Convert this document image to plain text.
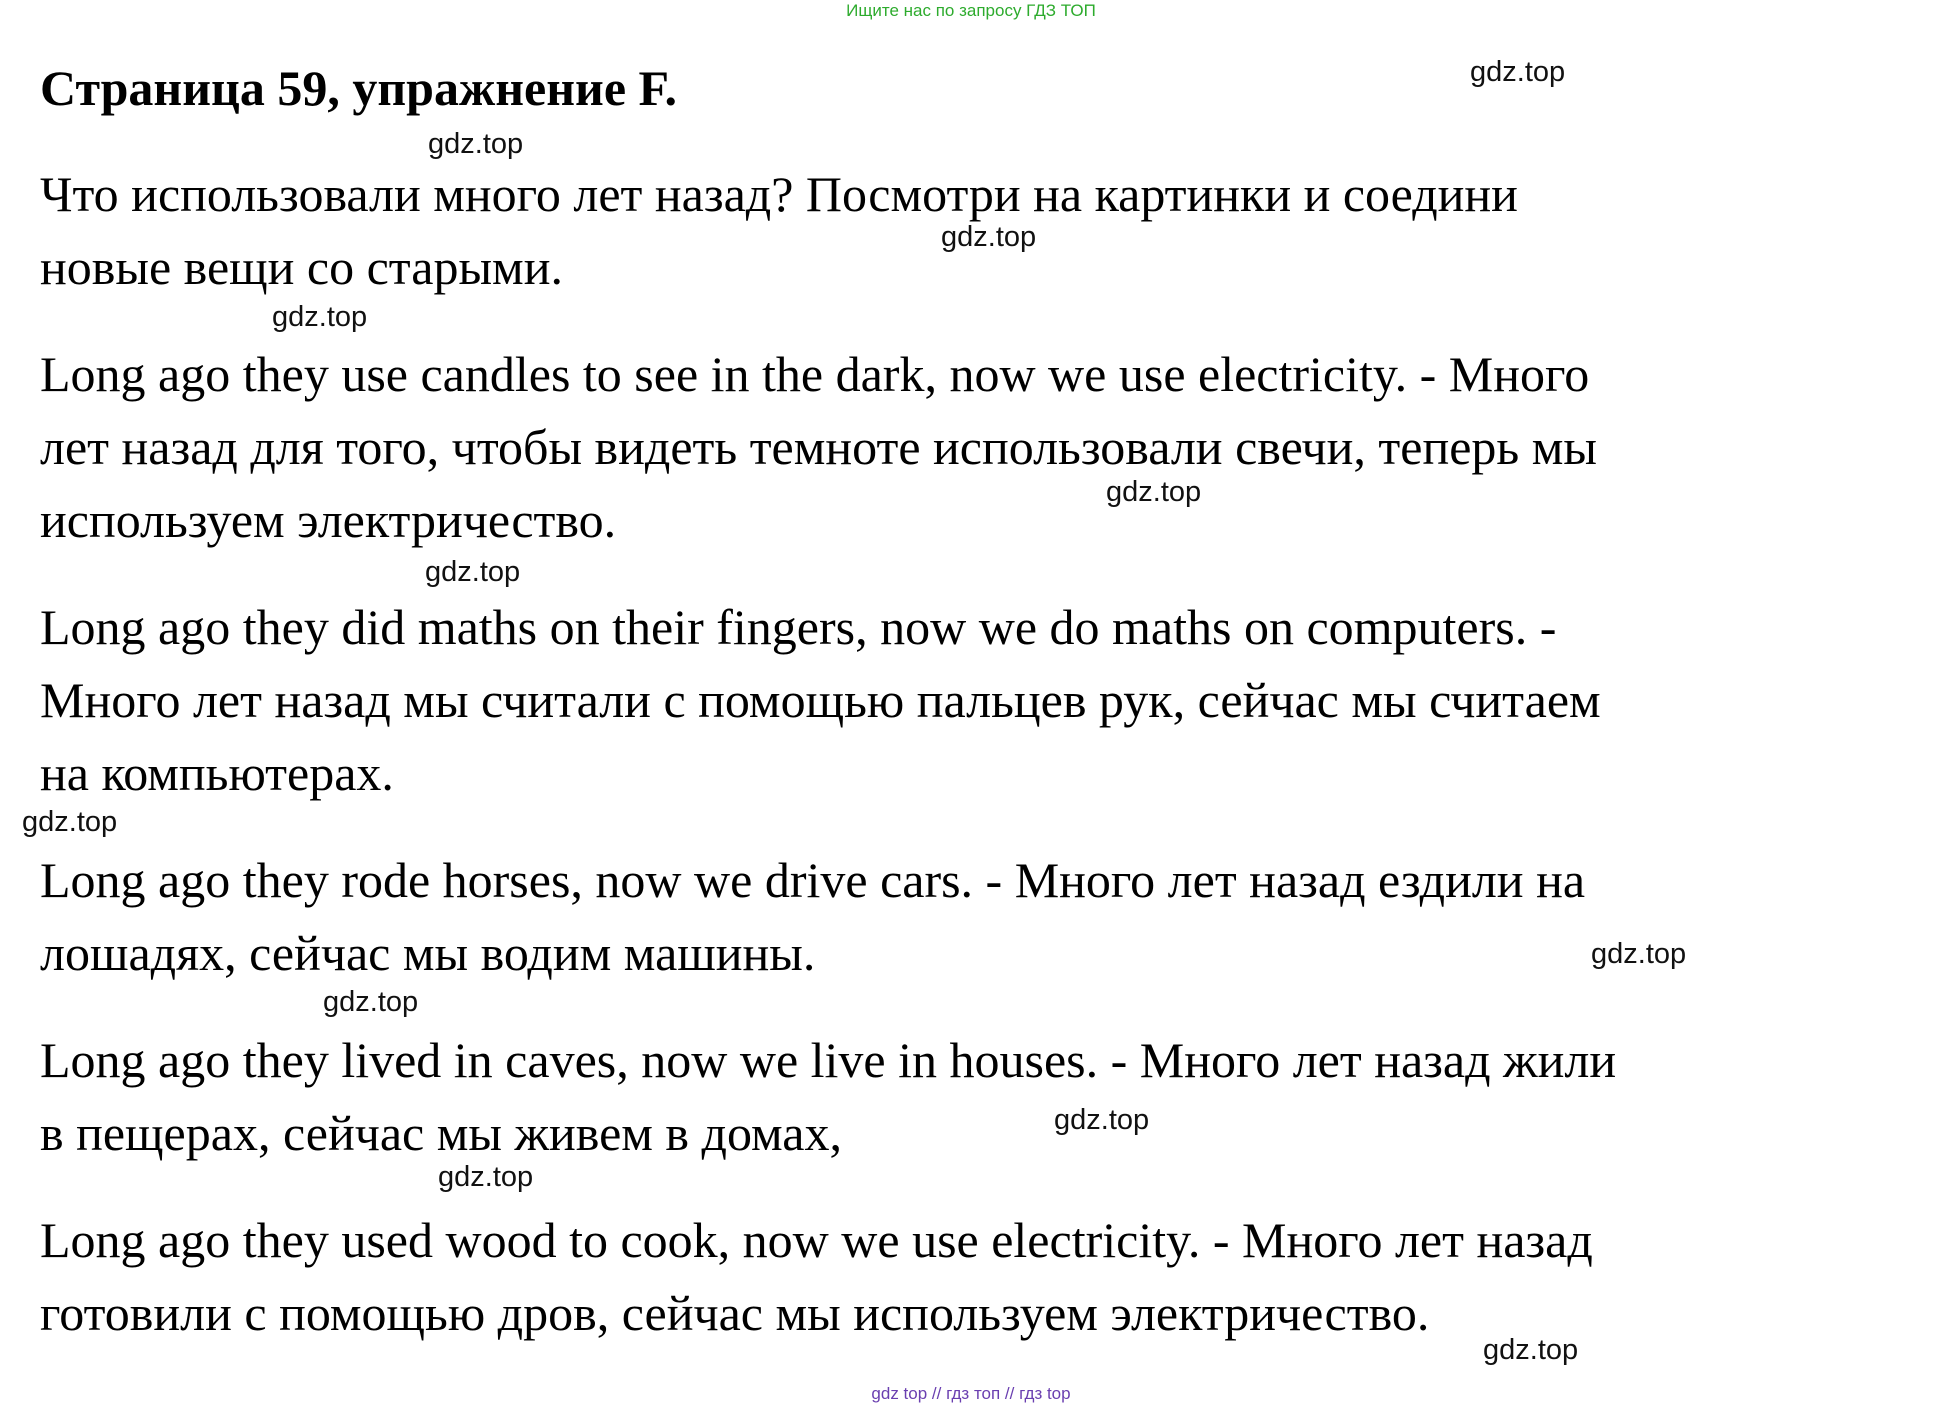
Ищите нас по запросу ГДЗ ТОП
Страница 59, упражнение F.

Что использовали много лет назад? Посмотри на картинки и соедини

новые вещи со старыми.

Long ago they use candles to see in the dark, now we use electricity. - Много

лет назад для того, чтобы видеть темноте использовали свечи, теперь мы

используем электричество.

Long ago they did maths on their fingers, now we do maths on computers. -

Много лет назад мы считали с помощью пальцев рук, сейчас мы считаем

на компьютерах.

Long ago they rode horses, now we drive cars. - Много лет назад ездили на

лошадях, сейчас мы водим машины.

Long ago they lived in caves, now we live in houses. - Много лет назад жили

в пещерах, сейчас мы живем в домах,

Long ago they used wood to cook, now we use electricity. - Много лет назад

готовили с помощью дров, сейчас мы используем электричество.

gdz.top
gdz.top
gdz.top
gdz.top
gdz.top
gdz.top
gdz.top
gdz.top
gdz.top
gdz.top
gdz.top
gdz.top
gdz top // гдз топ // гдз top
